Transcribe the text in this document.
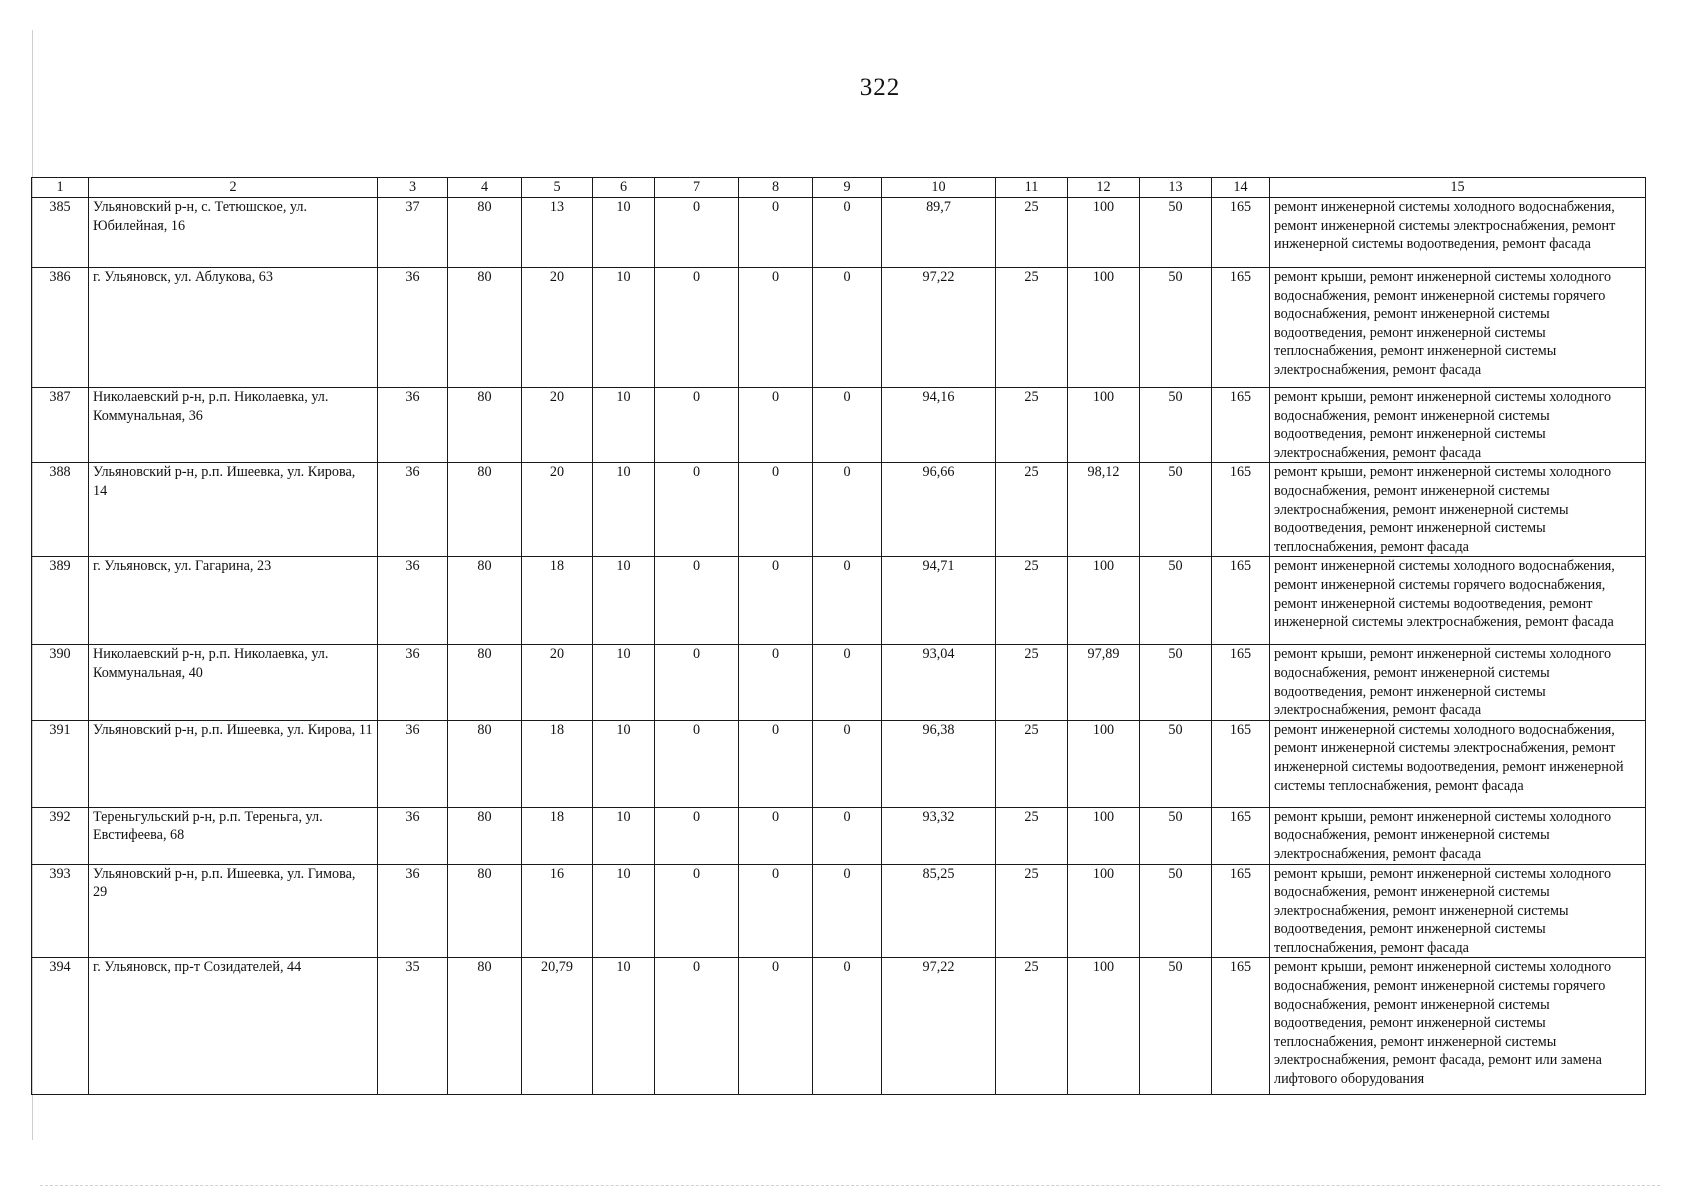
322
1	2	3	4	5	6	7	8	9	10	11	12	13	14	15
385	Ульяновский р-н, с. Тетюшское, ул. Юбилейная, 16	37	80	13	10	0	0	0	89,7	25	100	50	165	ремонт инженерной системы холодного водоснабжения, ремонт инженерной системы электроснабжения, ремонт инженерной системы водоотведения, ремонт фасада
386	г. Ульяновск, ул. Аблукова, 63	36	80	20	10	0	0	0	97,22	25	100	50	165	ремонт крыши, ремонт инженерной системы холодного водоснабжения, ремонт инженерной системы горячего водоснабжения, ремонт инженерной системы водоотведения, ремонт инженерной системы теплоснабжения, ремонт инженерной системы электроснабжения, ремонт фасада
387	Николаевский р-н, р.п. Николаевка, ул. Коммунальная, 36	36	80	20	10	0	0	0	94,16	25	100	50	165	ремонт крыши, ремонт инженерной системы холодного водоснабжения, ремонт инженерной системы водоотведения, ремонт инженерной системы электроснабжения, ремонт фасада
388	Ульяновский р-н, р.п. Ишеевка, ул. Кирова, 14	36	80	20	10	0	0	0	96,66	25	98,12	50	165	ремонт крыши, ремонт инженерной системы холодного водоснабжения, ремонт инженерной системы электроснабжения, ремонт инженерной системы водоотведения, ремонт инженерной системы теплоснабжения, ремонт фасада
389	г. Ульяновск, ул. Гагарина, 23	36	80	18	10	0	0	0	94,71	25	100	50	165	ремонт инженерной системы холодного водоснабжения, ремонт инженерной системы горячего водоснабжения, ремонт инженерной системы водоотведения, ремонт инженерной системы электроснабжения, ремонт фасада
390	Николаевский р-н, р.п. Николаевка, ул. Коммунальная, 40	36	80	20	10	0	0	0	93,04	25	97,89	50	165	ремонт крыши, ремонт инженерной системы холодного водоснабжения, ремонт инженерной системы водоотведения, ремонт инженерной системы электроснабжения, ремонт фасада
391	Ульяновский р-н, р.п. Ишеевка, ул. Кирова, 11	36	80	18	10	0	0	0	96,38	25	100	50	165	ремонт инженерной системы холодного водоснабжения, ремонт инженерной системы электроснабжения, ремонт инженерной системы водоотведения, ремонт инженерной системы теплоснабжения, ремонт фасада
392	Тереньгульский р-н, р.п. Тереньга, ул. Евстифеева, 68	36	80	18	10	0	0	0	93,32	25	100	50	165	ремонт крыши, ремонт инженерной системы холодного водоснабжения, ремонт инженерной системы электроснабжения, ремонт фасада
393	Ульяновский р-н, р.п. Ишеевка, ул. Гимова, 29	36	80	16	10	0	0	0	85,25	25	100	50	165	ремонт крыши, ремонт инженерной системы холодного водоснабжения, ремонт инженерной системы электроснабжения, ремонт инженерной системы водоотведения, ремонт инженерной системы теплоснабжения, ремонт фасада
394	г. Ульяновск, пр-т Созидателей, 44	35	80	20,79	10	0	0	0	97,22	25	100	50	165	ремонт крыши, ремонт инженерной системы холодного водоснабжения, ремонт инженерной системы горячего водоснабжения, ремонт инженерной системы водоотведения, ремонт инженерной системы теплоснабжения, ремонт инженерной системы электроснабжения, ремонт фасада, ремонт или замена лифтового оборудования
